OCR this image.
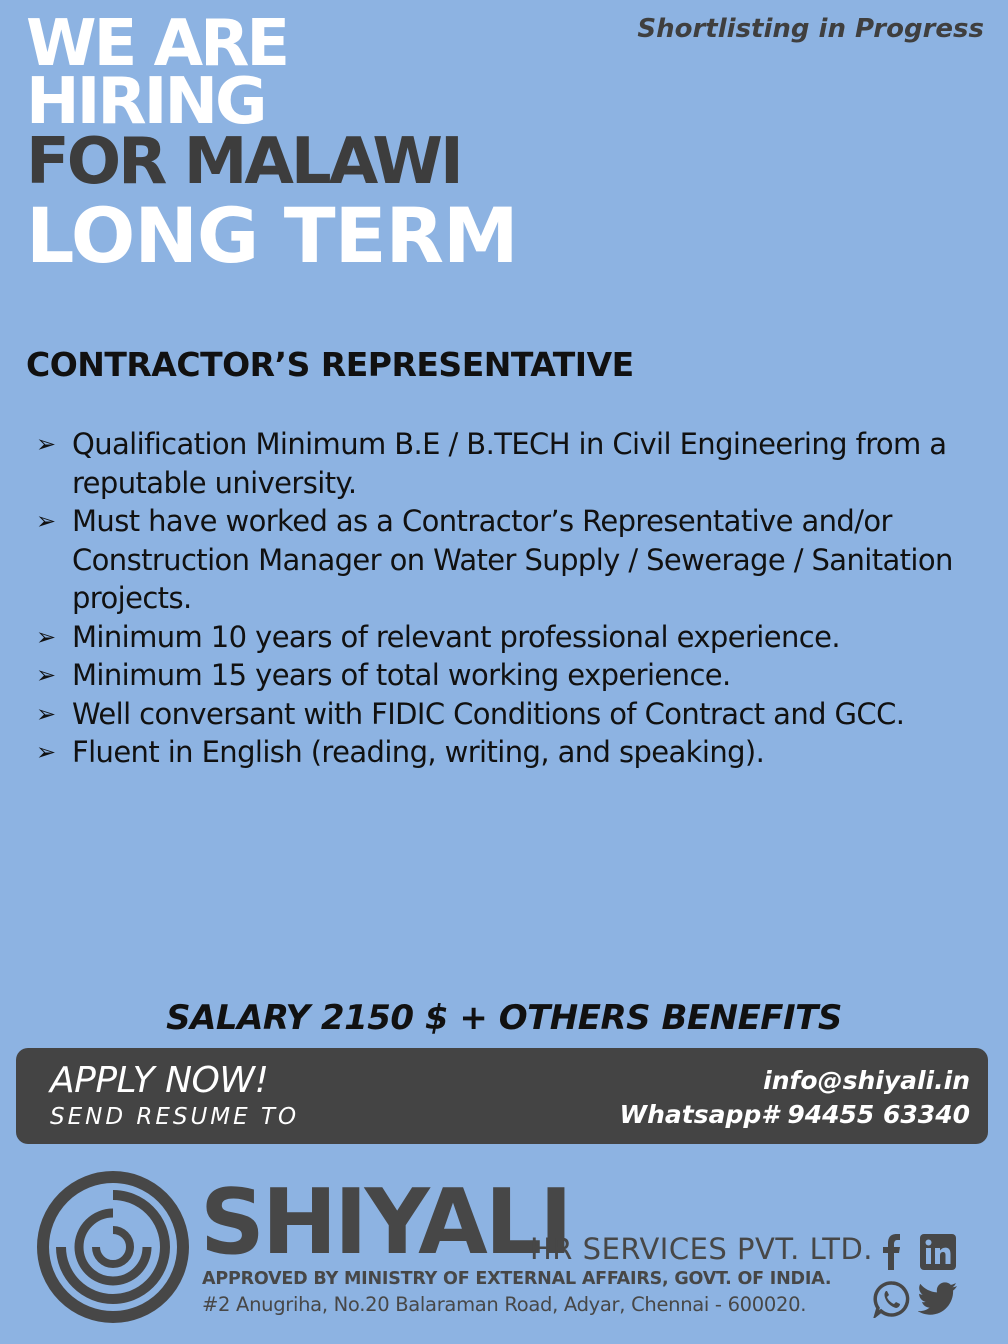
Shortlisting in Progress
WE ARE
HIRING
FOR MALAWI
LONG TERM
CONTRACTOR’S REPRESENTATIVE
➢ Qualification Minimum B.E / B.TECH in Civil Engineering from a reputable university.
➢ Must have worked as a Contractor’s Representative and/or Construction Manager on Water Supply / Sewerage / Sanitation projects.
➢ Minimum 10 years of relevant professional experience.
➢ Minimum 15 years of total working experience.
➢ Well conversant with FIDIC Conditions of Contract and GCC.
➢ Fluent in English (reading, writing, and speaking).
SALARY 2150 $ + OTHERS BENEFITS
APPLY NOW!
SEND RESUME TO
info@shiyali.in
Whatsapp# 94455 63340
SHIYALI
HR SERVICES PVT. LTD.
APPROVED BY MINISTRY OF EXTERNAL AFFAIRS, GOVT. OF INDIA.
#2 Anugriha, No.20 Balaraman Road, Adyar, Chennai - 600020.
